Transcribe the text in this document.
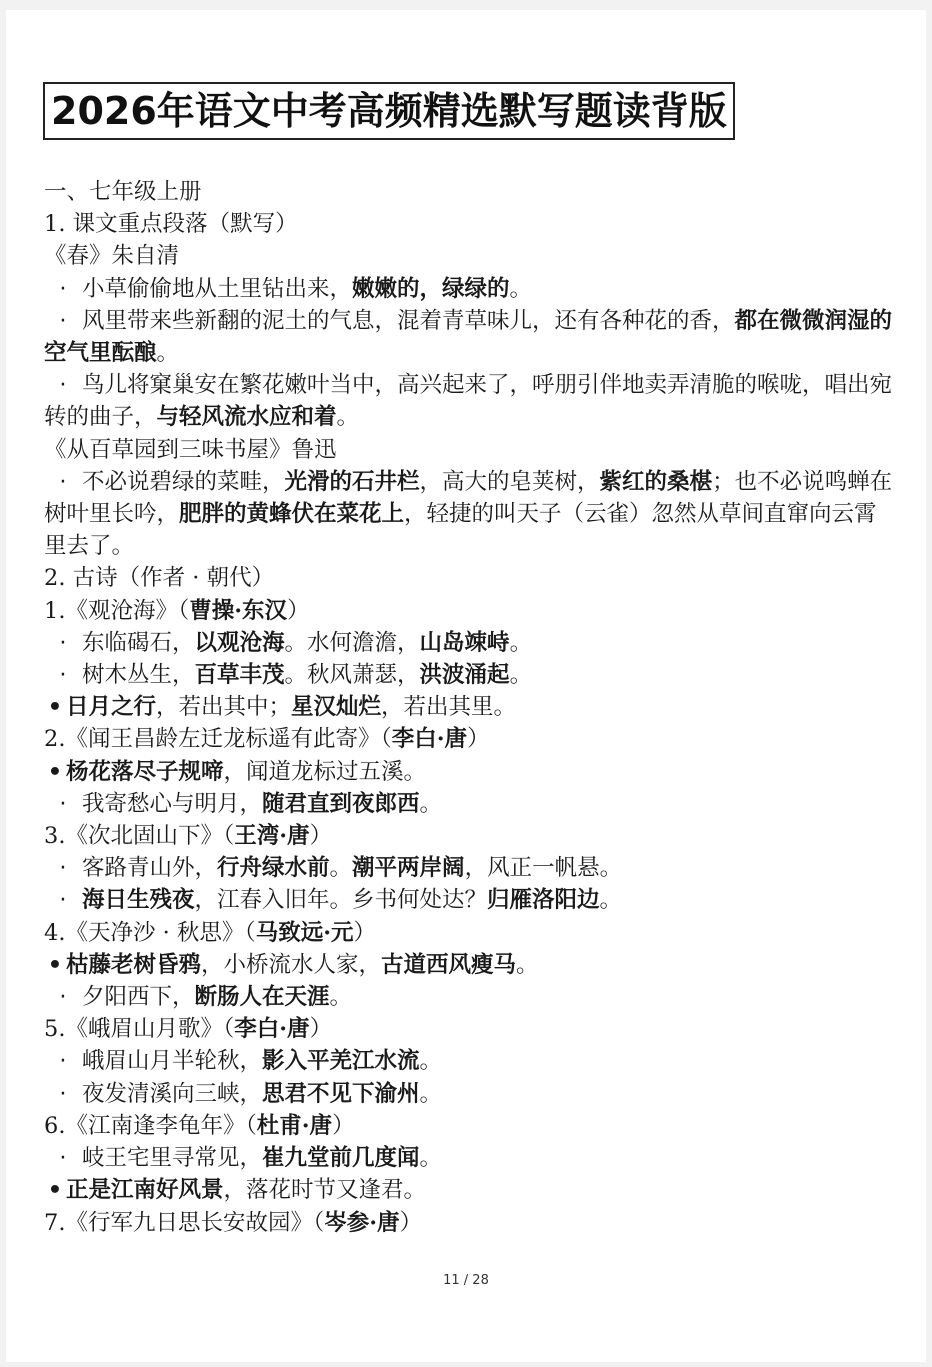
2026年语文中考高频精选默写题读背版
一、七年级上册
1. 课文重点段落（默写）
《春》朱自清
· 小草偷偷地从土里钻出来，嫩嫩的，绿绿的。
· 风里带来些新翻的泥土的气息，混着青草味儿，还有各种花的香，都在微微润湿的空气里酝酿。
· 鸟儿将窠巢安在繁花嫩叶当中，高兴起来了，呼朋引伴地卖弄清脆的喉咙，唱出宛转的曲子，与轻风流水应和着。
《从百草园到三味书屋》鲁迅
· 不必说碧绿的菜畦，光滑的石井栏，高大的皂荚树，紫红的桑椹；也不必说鸣蝉在树叶里长吟，肥胖的黄蜂伏在菜花上，轻捷的叫天子（云雀）忽然从草间直窜向云霄里去了。
2. 古诗（作者 · 朝代）
1.《观沧海》（曹操·东汉）
· 东临碣石，以观沧海。水何澹澹，山岛竦峙。
· 树木丛生，百草丰茂。秋风萧瑟，洪波涌起。
• 日月之行，若出其中；星汉灿烂，若出其里。
2.《闻王昌龄左迁龙标遥有此寄》（李白·唐）
• 杨花落尽子规啼，闻道龙标过五溪。
· 我寄愁心与明月，随君直到夜郎西。
3.《次北固山下》（王湾·唐）
· 客路青山外，行舟绿水前。潮平两岸阔，风正一帆悬。
· 海日生残夜，江春入旧年。乡书何处达？归雁洛阳边。
4.《天净沙 · 秋思》（马致远·元）
• 枯藤老树昏鸦，小桥流水人家，古道西风瘦马。
· 夕阳西下，断肠人在天涯。
5.《峨眉山月歌》（李白·唐）
· 峨眉山月半轮秋，影入平羌江水流。
· 夜发清溪向三峡，思君不见下渝州。
6.《江南逢李龟年》（杜甫·唐）
· 岐王宅里寻常见，崔九堂前几度闻。
• 正是江南好风景，落花时节又逢君。
7.《行军九日思长安故园》（岑参·唐）
11 / 28
